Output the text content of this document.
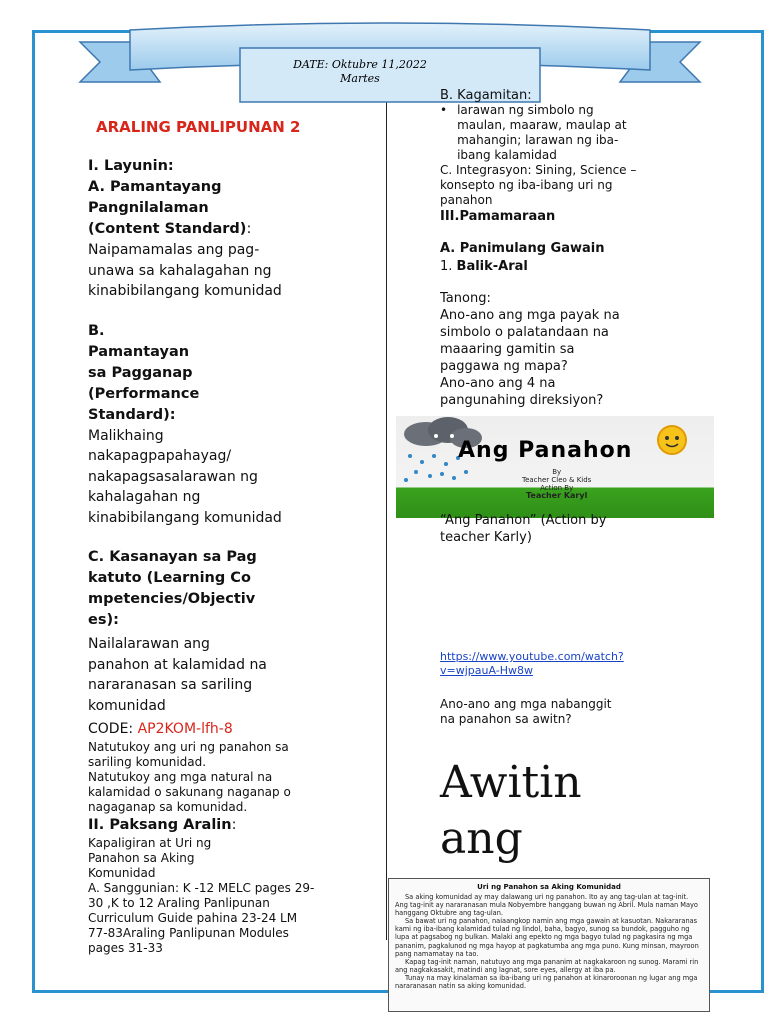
DATE: Oktubre 11,2022
Martes
ARALING PANLIPUNAN 2
I. Layunin:
A. Pamantayang Pangnilalaman (Content Standard):
Naipamamalas ang pag-unawa sa kahalagahan ng kinabibilangang komunidad
B. Pamantayan sa Pagganap (Performance Standard):
Malikhaing nakapagpapahayag/ nakapagsasalarawan ng kahalagahan ng kinabibilangang komunidad
C. Kasanayan sa Pagkatuto (Learning Competencies/Objectives):
Nailalarawan ang panahon at kalamidad na nararanasan sa sariling komunidad
CODE: AP2KOM-lfh-8
Natutukoy ang uri ng panahon sa sariling komunidad.
Natutukoy ang mga natural na kalamidad o sakunang naganap o nagaganap sa komunidad.
II. Paksang Aralin:
Kapaligiran at Uri ng Panahon sa Aking Komunidad
A. Sanggunian: K -12 MELC pages 29-30 ,K to 12 Araling Panlipunan Curriculum Guide pahina 23-24 LM 77-83Araling Panlipunan Modules pages 31-33
B. Kagamitan:
• larawan ng simbolo ng maulan, maaraw, maulap at mahangin; larawan ng iba-ibang kalamidad
C. Integrasyon: Sining, Science – konsepto ng iba-ibang uri ng panahon
III.Pamamaraan
A. Panimulang Gawain
1. Balik-Aral
Tanong:
Ano-ano ang mga payak na simbolo o palatandaan na maaaring gamitin sa paggawa ng mapa?
Ano-ano ang 4 na pangunahing direksiyon?
Ang Panahon
By
Teacher Cleo & Kids
Action By
Teacher Karyl
“Ang Panahon” (Action by teacher Karly)
https://www.youtube.com/watch?v=wjpauA-Hw8w
Ano-ano ang mga nabanggit na panahon sa awitn?
Awitin
ang
Uri ng Panahon sa Aking Komunidad

Sa aking komunidad ay may dalawang uri ng panahon. Ito ay ang tag-ulan at tag-init. Ang tag-init ay nararanasan mula Nobyembre hanggang buwan ng Abril. Mula naman Mayo hanggang Oktubre ang tag-ulan.

Sa bawat uri ng panahon, naiaangkop namin ang mga gawain at kasuotan. Nakararanas kami ng iba-ibang kalamidad tulad ng lindol, baha, bagyo, sunog sa bundok, pagguho ng lupa at pagsabog ng bulkan. Malaki ang epekto ng mga bagyo tulad ng pagkasira ng mga pananim, pagkalunod ng mga hayop at pagkatumba ang mga puno. Kung minsan, mayroon pang namamatay na tao.

Kapag tag-init naman, natutuyo ang mga pananim at nagkakaroon ng sunog. Marami rin ang nagkakasakit, matindi ang lagnat, sore eyes, allergy at iba pa.

Tunay na may kinalaman sa iba-ibang uri ng panahon at kinaroroonan ng lugar ang mga nararanasan natin sa aking komunidad.
